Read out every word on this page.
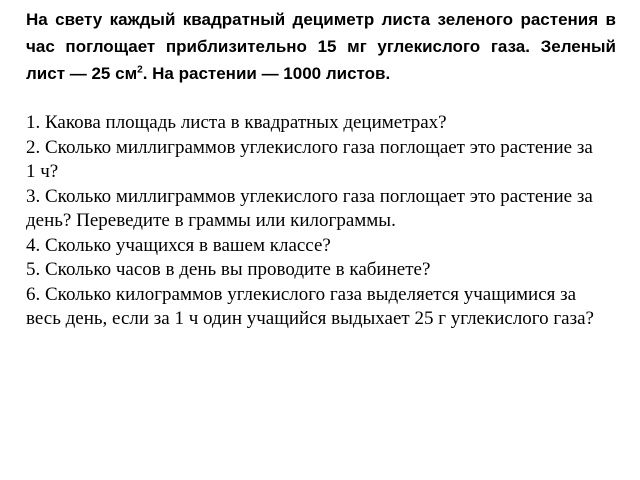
На свету каждый квадратный дециметр листа зеленого растения в час поглощает приблизительно 15 мг углекислого газа. Зеленый лист — 25 $см^2$. На растении — 1000 листов.

1. Какова площадь листа в квадратных дециметрах?
2. Сколько миллиграммов углекислого газа поглощает это растение за 1 ч?
3. Сколько миллиграммов углекислого газа поглощает это растение за день? Переведите в граммы или килограммы.
4. Сколько учащихся в вашем классе?
5. Сколько часов в день вы проводите в кабинете?
6. Сколько килограммов углекислого газа выделяется учащимися за весь день, если за 1 ч один учащийся выдыхает 25 г углекислого газа?
